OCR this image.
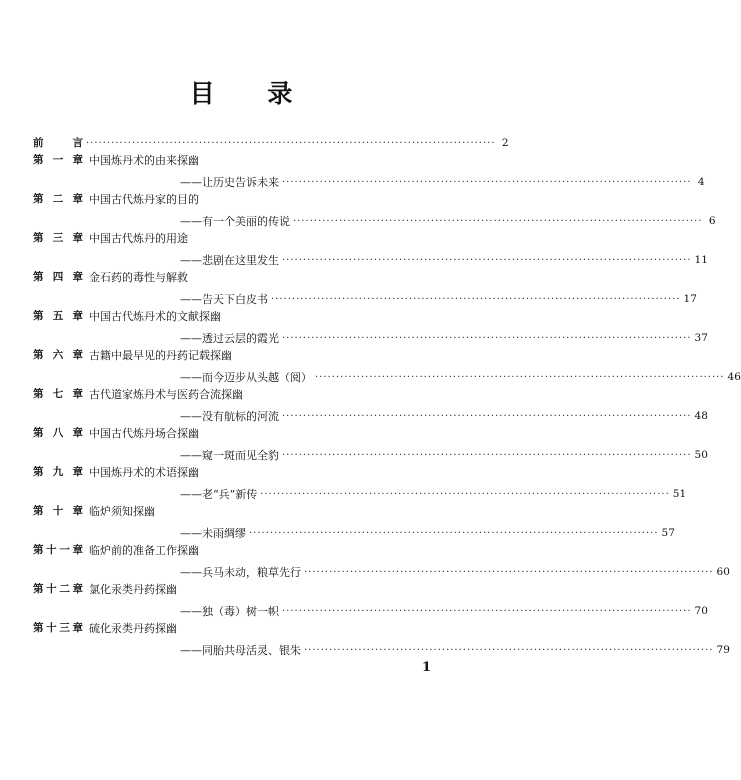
目 录
前 言 ·································································································· 2
第 一 章 中国炼丹术的由来探幽
——让历史告诉未来 ·································································································· 4
第 二 章 中国古代炼丹家的目的
——有一个美丽的传说 ·································································································· 6
第 三 章 中国古代炼丹的用途
——悲剧在这里发生 ·································································································· 11
第 四 章 金石药的毒性与解救
——告天下白皮书 ·································································································· 17
第 五 章 中国古代炼丹术的文献探幽
——透过云层的霞光 ·································································································· 37
第 六 章 古籍中最早见的丹药记载探幽
——而今迈步从头越（阅） ·································································································· 46
第 七 章 古代道家炼丹术与医药合流探幽
——没有航标的河流 ·································································································· 48
第 八 章 中国古代炼丹场合探幽
——窥一斑而见全豹 ·································································································· 50
第 九 章 中国炼丹术的术语探幽
——老“兵”新传 ·································································································· 51
第 十 章 临炉须知探幽
——未雨绸缪 ·································································································· 57
第十一章 临炉前的准备工作探幽
——兵马未动，粮草先行 ·································································································· 60
第十二章 氯化汞类丹药探幽
——独（毒）树一帜 ·································································································· 70
第十三章 硫化汞类丹药探幽
——同胎共母活灵、银朱 ·································································································· 79
1
